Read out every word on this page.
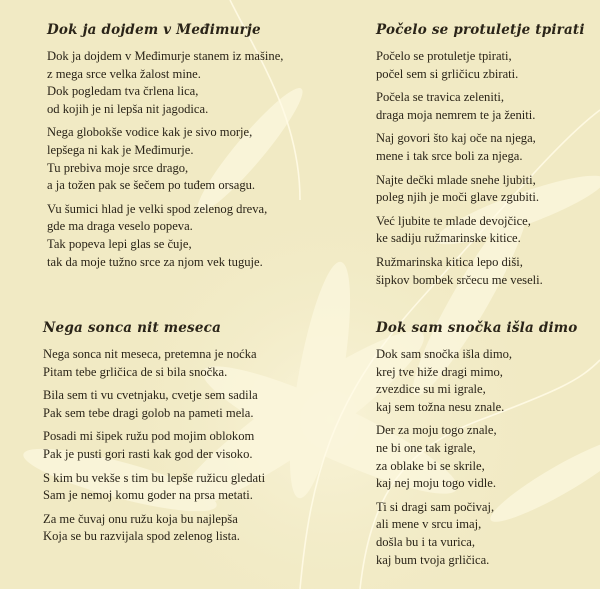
Dok ja dojdem v Međimurje
Dok ja dojdem v Međimurje stanem iz mašine,
z mega srce velka žalost mine.
Dok pogledam tva črlena lica,
od kojih je ni lepša nit jagodica.
Nega globokše vodice kak je sivo morje,
lepšega ni kak je Međimurje.
Tu prebiva moje srce drago,
a ja tožen pak se šečem po tuđem orsagu.
Vu šumici hlad je velki spod zelenog dreva,
gde ma draga veselo popeva.
Tak popeva lepi glas se čuje,
tak da moje tužno srce za njom vek tuguje.
Počelo se protuletje tpirati
Počelo se protuletje tpirati,
počel sem si grličicu zbirati.
Počela se travica zeleniti,
draga moja nemrem te ja ženiti.
Naj govori što kaj oče na njega,
mene i tak srce boli za njega.
Najte dečki mlade snehe ljubiti,
poleg njih je moči glave zgubiti.
Već ljubite te mlade devojčice,
ke sadiju ružmarinske kitice.
Ružmarinska kitica lepo diši,
šipkov bombek srčecu me veseli.
Nega sonca nit meseca
Nega sonca nit meseca, pretemna je noćka
Pitam tebe grličica de si bila snočka.
Bila sem ti vu cvetnjaku, cvetje sem sadila
Pak sem tebe dragi golob na pameti mela.
Posadi mi šipek ružu pod mojim oblokom
Pak je pusti gori rasti kak god der visoko.
S kim bu vekše s tim bu lepše ružicu gledati
Sam je nemoj komu goder na prsa metati.
Za me čuvaj onu ružu koja bu najlepša
Koja se bu razvijala spod zelenog lista.
Dok sam snočka išla dimo
Dok sam snočka išla dimo,
krej tve hiže dragi mimo,
zvezdice su mi igrale,
kaj sem tožna nesu znale.
Der za moju togo znale,
ne bi one tak igrale,
za oblake bi se skrile,
kaj nej moju togo vidle.
Ti si dragi sam počivaj,
ali mene v srcu imaj,
došla bu i ta vurica,
kaj bum tvoja grličica.
